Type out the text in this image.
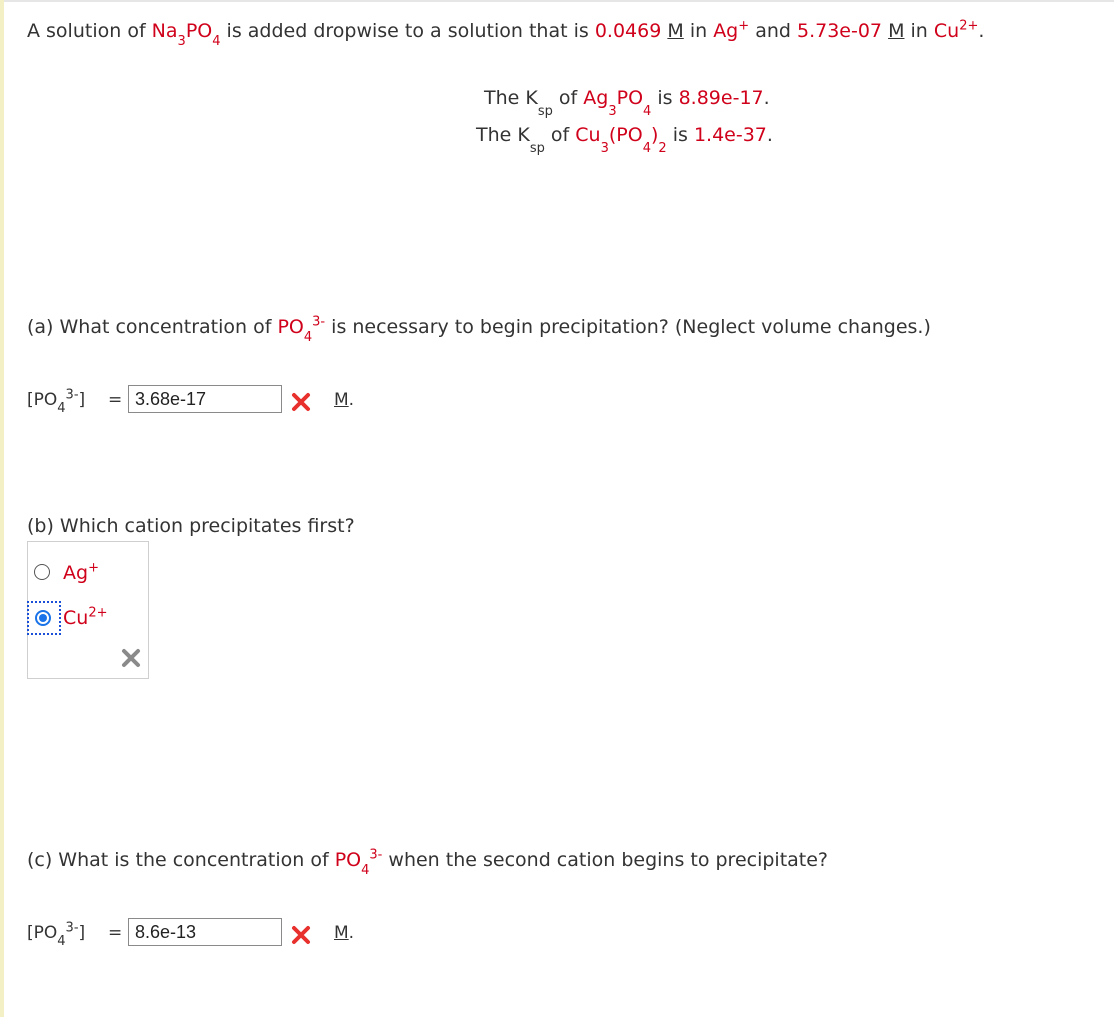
A solution of $Na_3PO_4$ is added dropwise to a solution that is 0.0469 M in Ag+ and 5.73e-07 M in $Cu^{2+}$.
The $K_{sp}$ of $Ag_3PO_4$ is 8.89e-17.
The $K_{sp}$ of $Cu_3(PO_4)_2$ is 1.4e-37.
(a) What concentration of $PO_4^{3-}$ is necessary to begin precipitation? (Neglect volume changes.)
$[PO_4^{3-}] = 3.68e-17$	M.
(b) Which cation precipitates first?
Ag+
$Cu^{2+}$
(c) What is the concentration of $PO_4^{3-}$ when the second cation begins to precipitate?
$[PO_4^{3-}] = 8.6e-13$	M.
